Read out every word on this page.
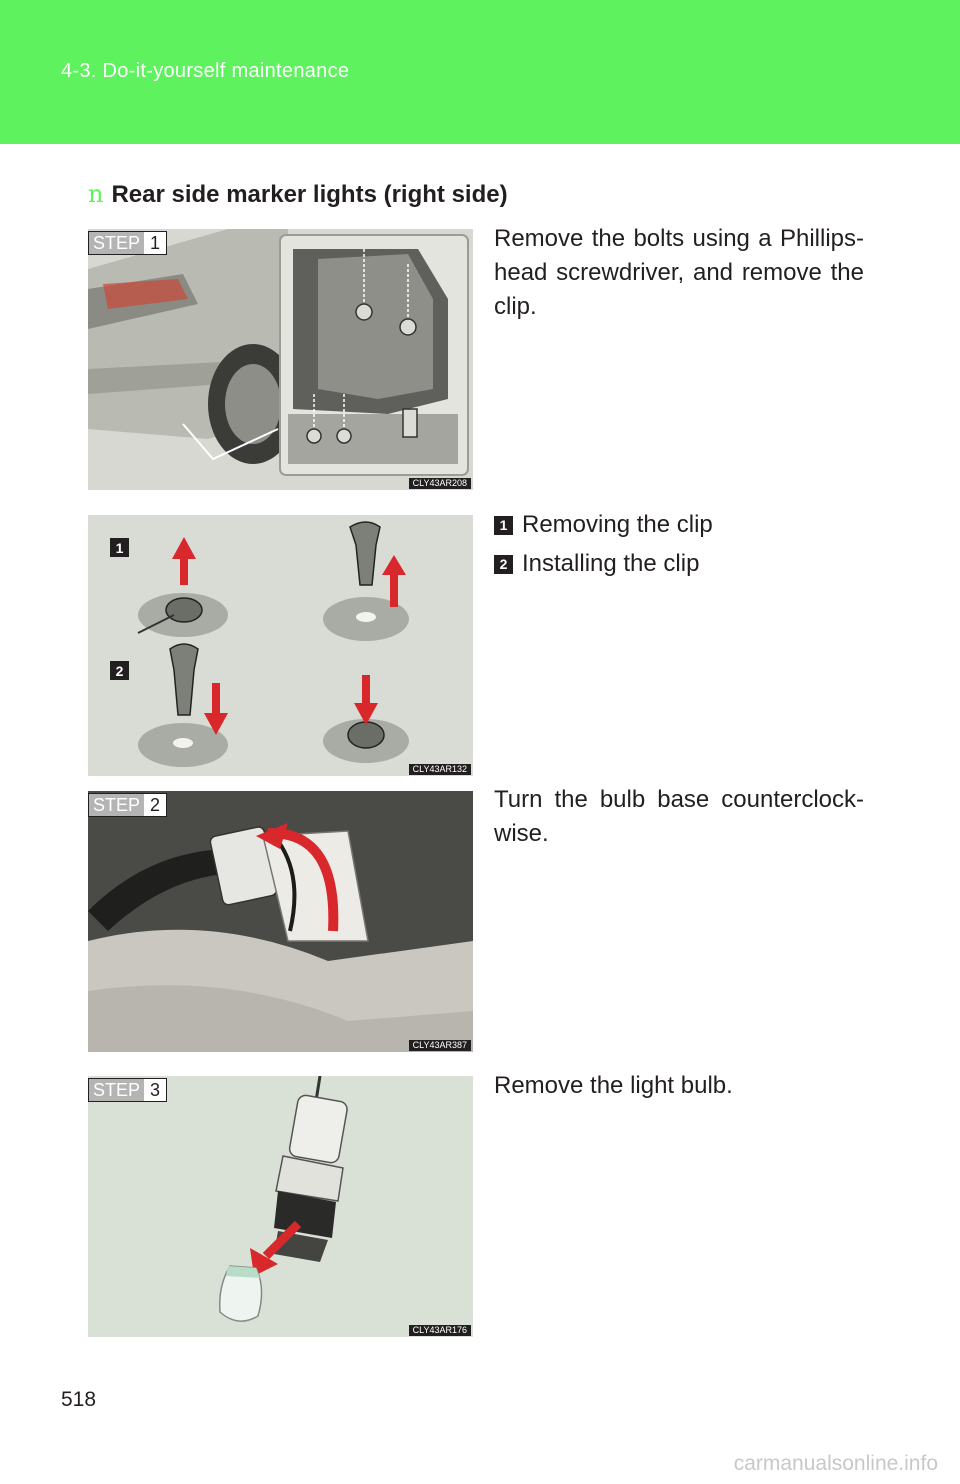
4-3. Do-it-yourself maintenance
n Rear side marker lights (right side)
STEP 1
CLY43AR208
Remove the bolts using a Phillips-head screwdriver, and remove the clip.
1
2
CLY43AR132
1 Removing the clip
2 Installing the clip
STEP 2
CLY43AR387
Turn the bulb base counterclock-wise.
STEP 3
CLY43AR176
Remove the light bulb.
518
carmanualsonline.info
